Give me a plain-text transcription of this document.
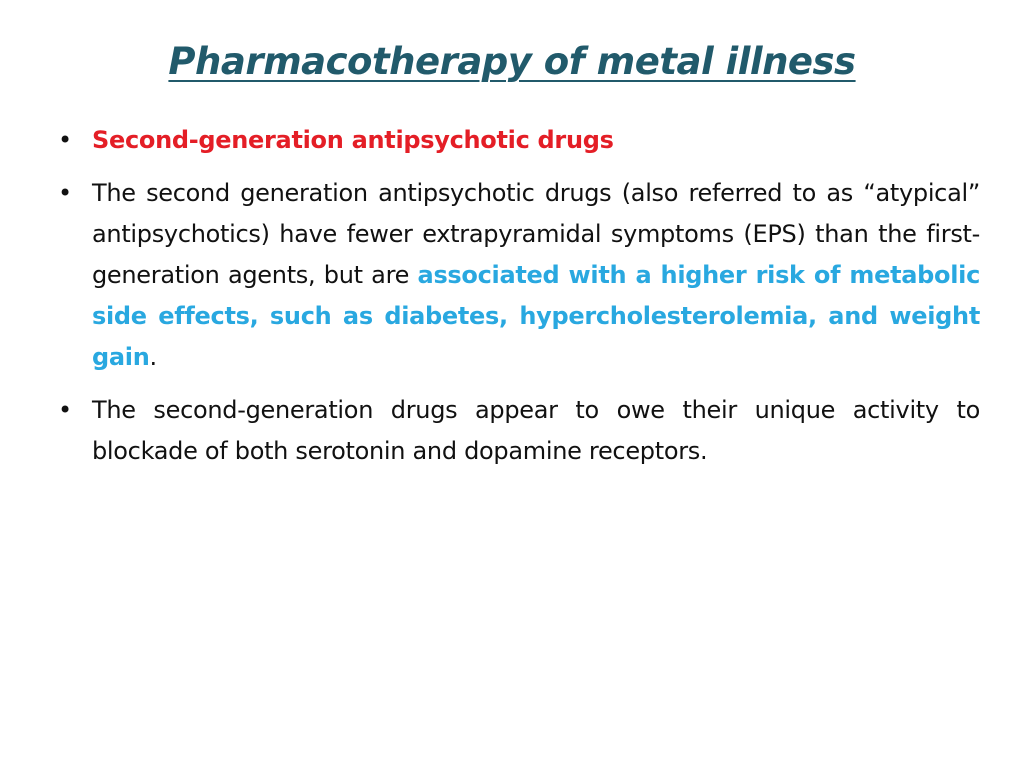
Pharmacotherapy of metal illness
• Second-generation antipsychotic drugs
• The second generation antipsychotic drugs (also referred to as “atypical” antipsychotics) have fewer extrapyramidal symptoms (EPS) than the first-generation agents, but are associated with a higher risk of metabolic side effects, such as diabetes, hypercholesterolemia, and weight gain.
• The second-generation drugs appear to owe their unique activity to blockade of both serotonin and dopamine receptors.
